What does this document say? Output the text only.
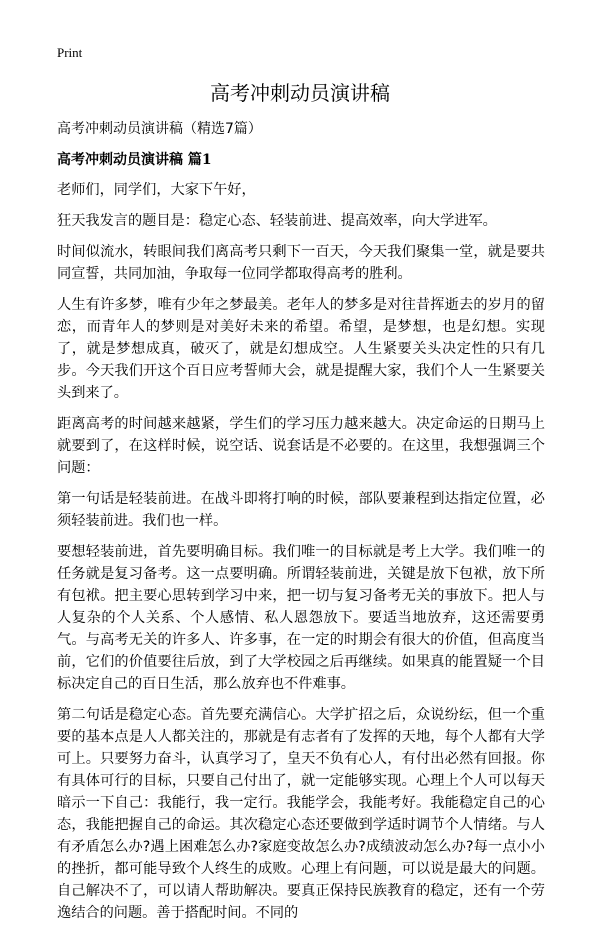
Print
高考冲刺动员演讲稿
高考冲刺动员演讲稿（精选7篇）
高考冲刺动员演讲稿 篇1

老师们，同学们，大家下午好，

狂天我发言的题目是：稳定心态、轻装前进、提高效率，向大学进军。

时间似流水，转眼间我们离高考只剩下一百天，今天我们聚集一堂，就是要共同宣誓，共同加油，争取每一位同学都取得高考的胜利。

人生有许多梦，唯有少年之梦最美。老年人的梦多是对往昔挥逝去的岁月的留恋，而青年人的梦则是对美好未来的希望。希望，是梦想，也是幻想。实现了，就是梦想成真，破灭了，就是幻想成空。人生紧要关头决定性的只有几步。今天我们开这个百日应考誓师大会，就是提醒大家，我们个人一生紧要关头到来了。

距离高考的时间越来越紧，学生们的学习压力越来越大。决定命运的日期马上就要到了，在这样时候，说空话、说套话是不必要的。在这里，我想强调三个问题：

第一句话是轻装前进。在战斗即将打响的时候，部队要兼程到达指定位置，必须轻装前进。我们也一样。

要想轻装前进，首先要明确目标。我们唯一的目标就是考上大学。我们唯一的任务就是复习备考。这一点要明确。所谓轻装前进，关键是放下包袱，放下所有包袱。把主要心思转到学习中来，把一切与复习备考无关的事放下。把人与人复杂的个人关系、个人感情、私人恩怨放下。要适当地放弃，这还需要勇气。与高考无关的许多人、许多事，在一定的时期会有很大的价值，但高度当前，它们的价值要往后放，到了大学校园之后再继续。如果真的能置疑一个目标决定自己的百日生活，那么放弃也不件难事。

第二句话是稳定心态。首先要充满信心。大学扩招之后，众说纷纭，但一个重要的基本点是人人都关注的，那就是有志者有了发挥的天地，每个人都有大学可上。只要努力奋斗，认真学习了，皇天不负有心人，有付出必然有回报。你有具体可行的目标，只要自己付出了，就一定能够实现。心理上个人可以每天暗示一下自己：我能行，我一定行。我能学会，我能考好。我能稳定自己的心态，我能把握自己的命运。其次稳定心态还要做到学适时调节个人情绪。与人有矛盾怎么办?遇上困难怎么办?家庭变故怎么办?成绩波动怎么办?每一点小小的挫折，都可能导致个人终生的成败。心理上有问题，可以说是最大的问题。自己解决不了，可以请人帮助解决。要真正保持民族教育的稳定，还有一个劳逸结合的问题。善于搭配时间。不同的
